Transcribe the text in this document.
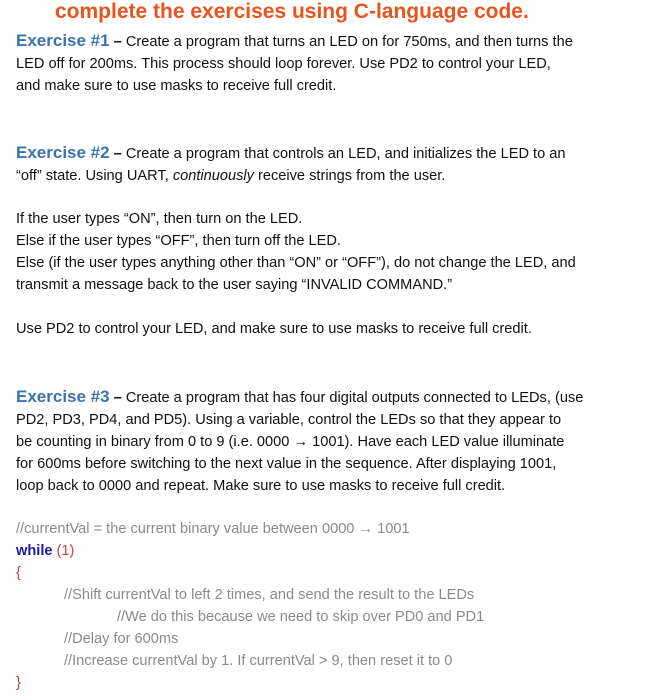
complete the exercises using C-language code.
Exercise #1 – Create a program that turns an LED on for 750ms, and then turns the
LED off for 200ms. This process should loop forever. Use PD2 to control your LED,
and make sure to use masks to receive full credit.
Exercise #2 – Create a program that controls an LED, and initializes the LED to an
“off” state. Using UART, continuously receive strings from the user.
If the user types “ON”, then turn on the LED.
Else if the user types “OFF”, then turn off the LED.
Else (if the user types anything other than “ON” or “OFF”), do not change the LED, and
transmit a message back to the user saying “INVALID COMMAND.”
Use PD2 to control your LED, and make sure to use masks to receive full credit.
Exercise #3 – Create a program that has four digital outputs connected to LEDs, (use
PD2, PD3, PD4, and PD5). Using a variable, control the LEDs so that they appear to
be counting in binary from 0 to 9 (i.e. 0000 → 1001). Have each LED value illuminate
for 600ms before switching to the next value in the sequence. After displaying 1001,
loop back to 0000 and repeat. Make sure to use masks to receive full credit.
//currentVal = the current binary value between 0000 → 1001
while (1)
{
//Shift currentVal to left 2 times, and send the result to the LEDs
//We do this because we need to skip over PD0 and PD1
//Delay for 600ms
//Increase currentVal by 1. If currentVal > 9, then reset it to 0
}
